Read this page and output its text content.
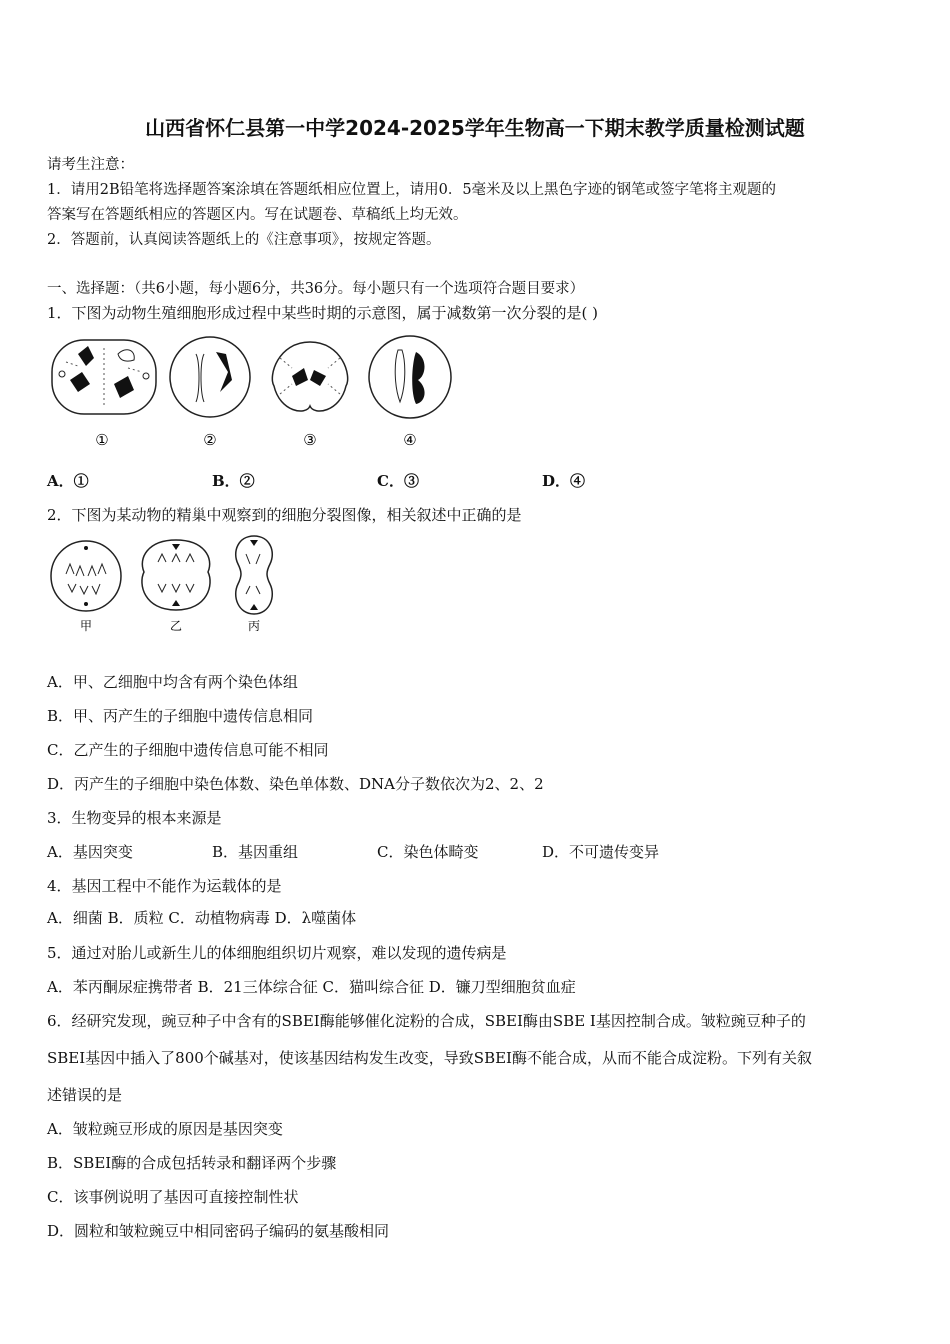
山西省怀仁县第一中学2024-2025学年生物高一下期末教学质量检测试题
请考生注意：
1．请用2B铅笔将选择题答案涂填在答题纸相应位置上，请用0．5毫米及以上黑色字迹的钢笔或签字笔将主观题的
答案写在答题纸相应的答题区内。写在试题卷、草稿纸上均无效。
2．答题前，认真阅读答题纸上的《注意事项》，按规定答题。
一、选择题：（共6小题，每小题6分，共36分。每小题只有一个选项符合题目要求）
1．下图为动物生殖细胞形成过程中某些时期的示意图，属于减数第一次分裂的是( )
①	②	③	④
A．①	B．②	C．③	D．④
2．下图为某动物的精巢中观察到的细胞分裂图像，相关叙述中正确的是
甲	乙	丙
A．甲、乙细胞中均含有两个染色体组
B．甲、丙产生的子细胞中遗传信息相同
C．乙产生的子细胞中遗传信息可能不相同
D．丙产生的子细胞中染色体数、染色单体数、DNA分子数依次为2、2、2
3．生物变异的根本来源是
A．基因突变	B．基因重组	C．染色体畸变	D．不可遗传变异
4．基因工程中不能作为运载体的是
A．细菌 B．质粒 C．动植物病毒 D．λ噬菌体
5．通过对胎儿或新生儿的体细胞组织切片观察，难以发现的遗传病是
A．苯丙酮尿症携带者 B．21三体综合征 C．猫叫综合征 D．镰刀型细胞贫血症
6．经研究发现，豌豆种子中含有的SBEI酶能够催化淀粉的合成，SBEI酶由SBE I基因控制合成。皱粒豌豆种子的
SBEI基因中插入了800个碱基对，使该基因结构发生改变，导致SBEI酶不能合成，从而不能合成淀粉。下列有关叙
述错误的是
A．皱粒豌豆形成的原因是基因突变
B．SBEI酶的合成包括转录和翻译两个步骤
C．该事例说明了基因可直接控制性状
D．圆粒和皱粒豌豆中相同密码子编码的氨基酸相同
